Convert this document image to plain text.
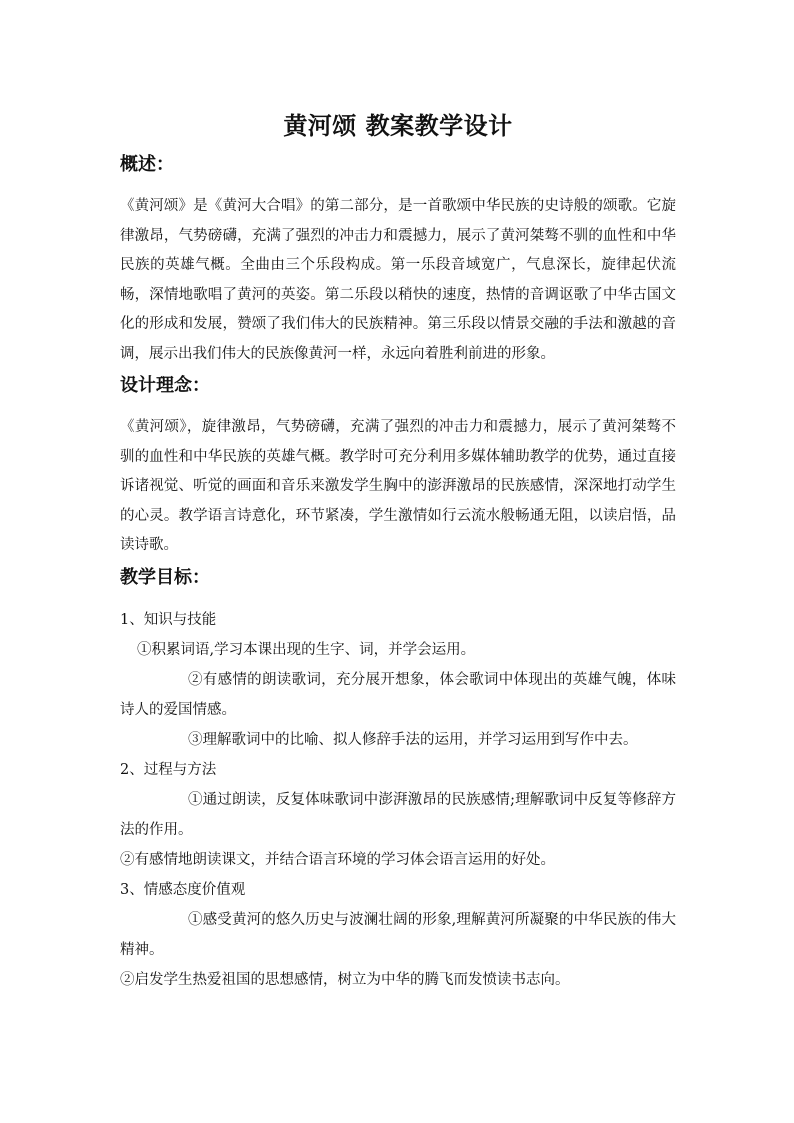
黄河颂 教案教学设计
概述：

《黄河颂》是《黄河大合唱》的第二部分，是一首歌颂中华民族的史诗般的颂歌。它旋律激昂，气势磅礴，充满了强烈的冲击力和震撼力，展示了黄河桀骜不驯的血性和中华民族的英雄气概。全曲由三个乐段构成。第一乐段音域宽广，气息深长，旋律起伏流畅，深情地歌唱了黄河的英姿。第二乐段以稍快的速度，热情的音调讴歌了中华古国文化的形成和发展，赞颂了我们伟大的民族精神。第三乐段以情景交融的手法和激越的音调，展示出我们伟大的民族像黄河一样，永远向着胜利前进的形象。

设计理念：

《黄河颂》，旋律激昂，气势磅礴，充满了强烈的冲击力和震撼力，展示了黄河桀骜不驯的血性和中华民族的英雄气概。教学时可充分利用多媒体辅助教学的优势，通过直接诉诸视觉、听觉的画面和音乐来激发学生胸中的澎湃激昂的民族感情，深深地打动学生的心灵。教学语言诗意化，环节紧凑，学生激情如行云流水般畅通无阻，以读启悟，品读诗歌。

教学目标：

1、知识与技能

①积累词语,学习本课出现的生字、词，并学会运用。

②有感情的朗读歌词，充分展开想象，体会歌词中体现出的英雄气魄，体味诗人的爱国情感。

③理解歌词中的比喻、拟人修辞手法的运用，并学习运用到写作中去。

2、过程与方法

①通过朗读，反复体味歌词中澎湃激昂的民族感情;理解歌词中反复等修辞方法的作用。

②有感情地朗读课文，并结合语言环境的学习体会语言运用的好处。

3、情感态度价值观

①感受黄河的悠久历史与波澜壮阔的形象,理解黄河所凝聚的中华民族的伟大精神。

②启发学生热爱祖国的思想感情，树立为中华的腾飞而发愤读书志向。
